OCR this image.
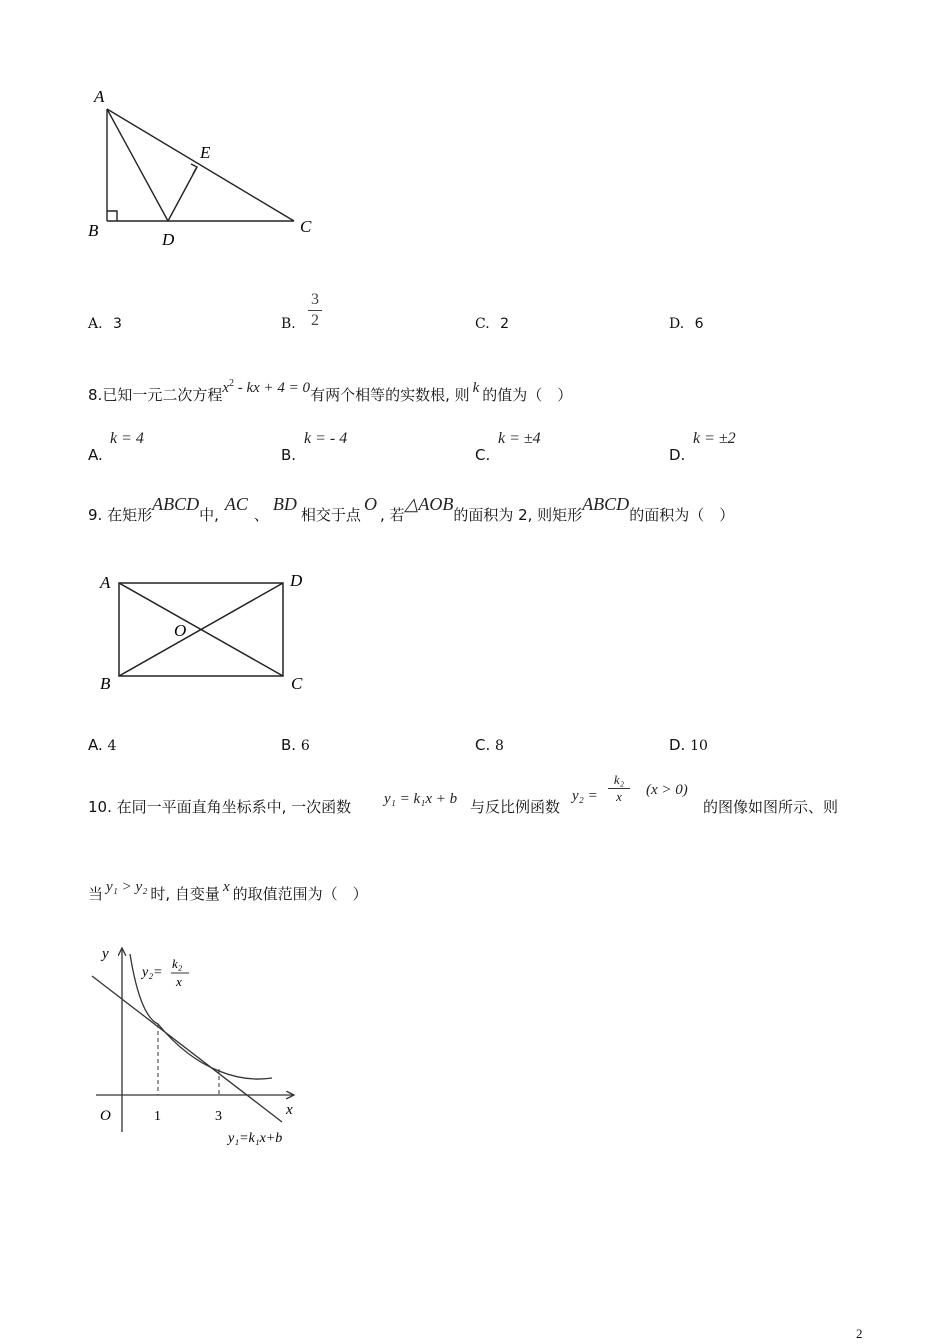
A
E
B	D
C
A. 3	B.
3
2	C. 2	D. 6
8.已知一元二次方程$x^2$ - kx + 4 = 0有两个相等的实数根, 则 k 的值为（　）
A.
k = 4
B.
k = - 4
C.
k = ±4
D.
k = ±2
9. 在矩形ABCD中,AC、BD相交于点O, 若△AOB的面积为 2, 则矩形ABCD的面积为（　）
A	D
O
B	C
A. 4	B. 6	C. 8	D. 10
10. 在同一平面直角坐标系中, 一次函数 y₁ = k₁x + b 与反比例函数
y₂ =
k₂
x	(x > 0)
的图像如图所示、则
当 y₁ > y₂ 时, 自变量 x 的取值范围为（　）
y
x
O	1	3
y₂=
k₂
x
y₁=k₁x+b
2
